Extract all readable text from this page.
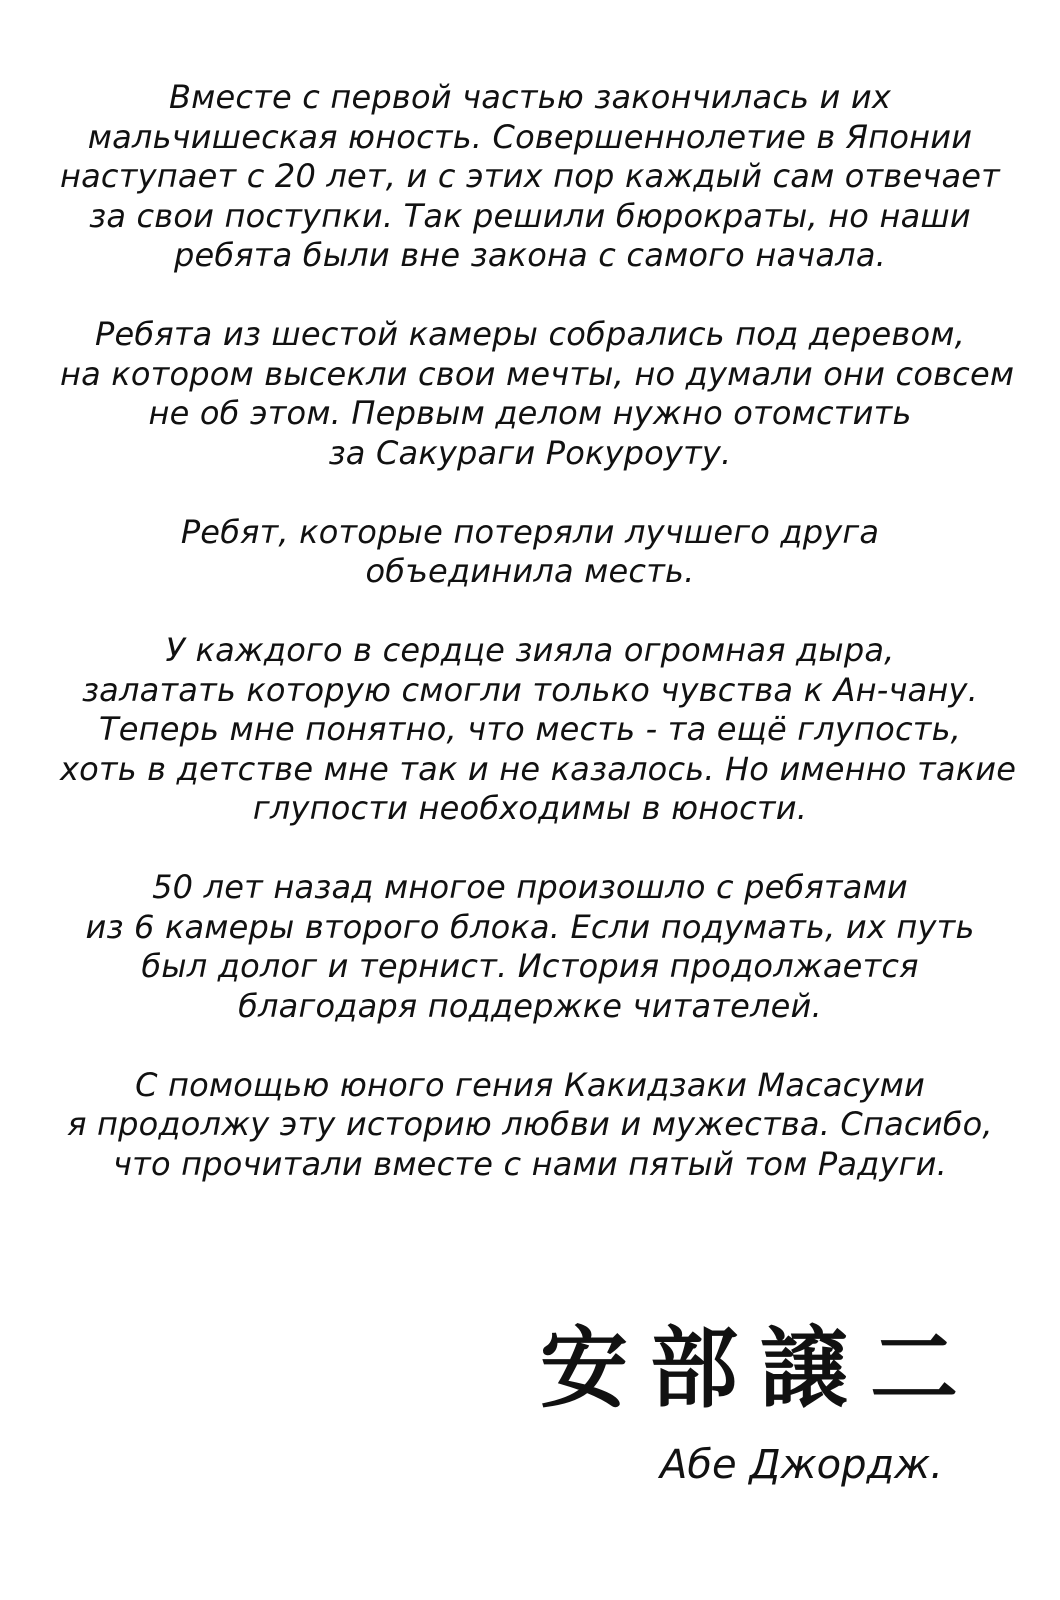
Вместе с первой частью закончилась и их
мальчишеская юность. Совершеннолетие в Японии
наступает с 20 лет, и с этих пор каждый сам отвечает
за свои поступки. Так решили бюрократы, но наши
ребята были вне закона с самого начала.

Ребята из шестой камеры собрались под деревом,
на котором высекли свои мечты, но думали они совсем
не об этом. Первым делом нужно отомстить
за Сакураги Рокуроуту.

Ребят, которые потеряли лучшего друга
объединила месть.

У каждого в сердце зияла огромная дыра,
залатать которую смогли только чувства к Ан-чану.
Теперь мне понятно, что месть - та ещё глупость,
хоть в детстве мне так и не казалось. Но именно такие
глупости необходимы в юности.

50 лет назад многое произошло с ребятами
из 6 камеры второго блока. Если подумать, их путь
был долог и тернист. История продолжается
благодаря поддержке читателей.

С помощью юного гения Какидзаки Масасуми
я продолжу эту историю любви и мужества. Спасибо,
что прочитали вместе с нами пятый том Радуги.

安部譲二
Абе Джордж.
